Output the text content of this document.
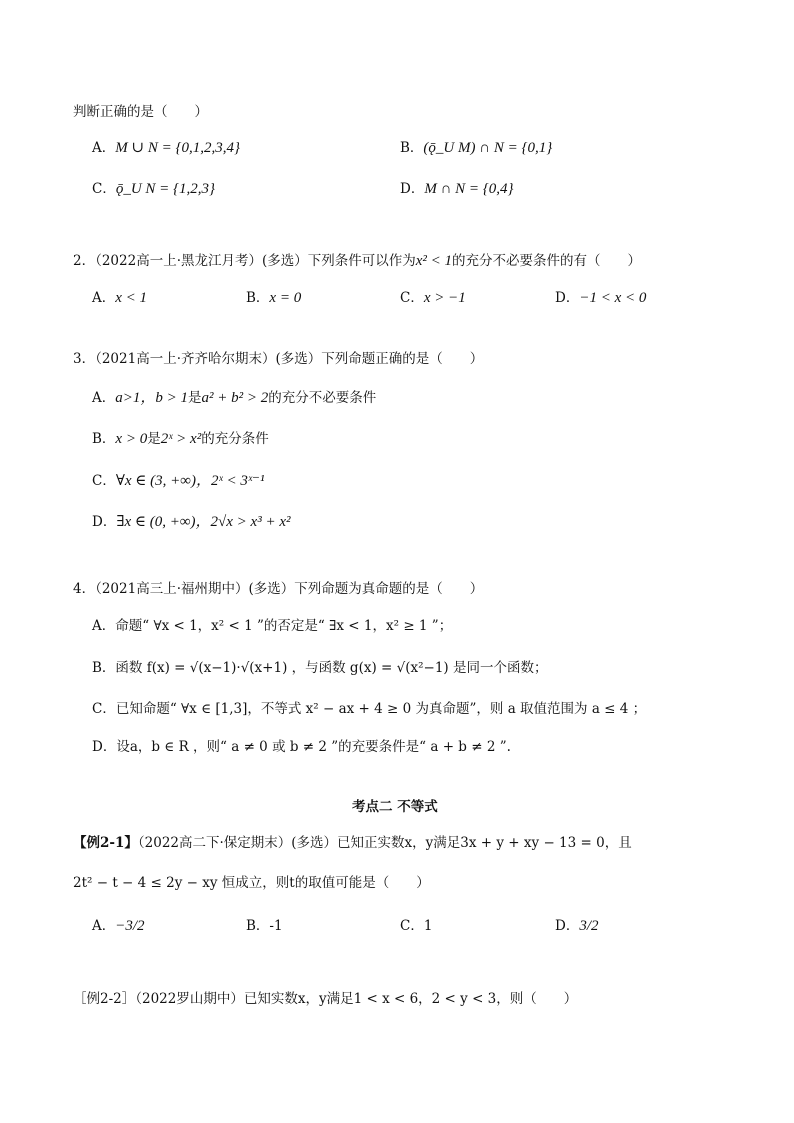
判断正确的是（　　）
A．M ∪ N = {0,1,2,3,4}	B．(ǭ_U M) ∩ N = {0,1}
C．ǭ_U N = {1,2,3}	D．M ∩ N = {0,4}
2．（2022高一上·黑龙江月考）(多选）下列条件可以作为x² < 1的充分不必要条件的有（　　）
A．x < 1	B．x = 0	C．x > −1	D．−1 < x < 0
3．（2021高一上·齐齐哈尔期末）(多选）下列命题正确的是（　　）
A．a>1，b > 1是a² + b² > 2的充分不必要条件
B．x > 0是2ˣ > x²的充分条件
C．∀x ∈ (3, +∞)，2ˣ < 3ˣ⁻¹
D．∃x ∈ (0, +∞)，2√x > x³ + x²
4．（2021高三上·福州期中）(多选）下列命题为真命题的是（　　）
A．命题“ ∀x < 1，x² < 1 ”的否定是“ ∃x < 1，x² ≥ 1 ”；
B．函数 f(x) = √(x−1)·√(x+1) ，与函数 g(x) = √(x²−1) 是同一个函数；
C．已知命题“ ∀x ∈ [1,3]，不等式 x² − ax + 4 ≥ 0 为真命题”，则 a 取值范围为 a ≤ 4 ；
D．设a，b ∈ R ，则“ a ≠ 0 或 b ≠ 2 ”的充要条件是“ a + b ≠ 2 ”.
考点二 不等式
【例2-1】（2022高二下·保定期末）(多选）已知正实数x，y满足3x + y + xy − 13 = 0，且
2t² − t − 4 ≤ 2y − xy 恒成立，则t的取值可能是（　　）
A．−3/2	B．-1	C．1	D．3/2
［例2-2］（2022罗山期中）已知实数x，y满足1 < x < 6，2 < y < 3，则（　　）
